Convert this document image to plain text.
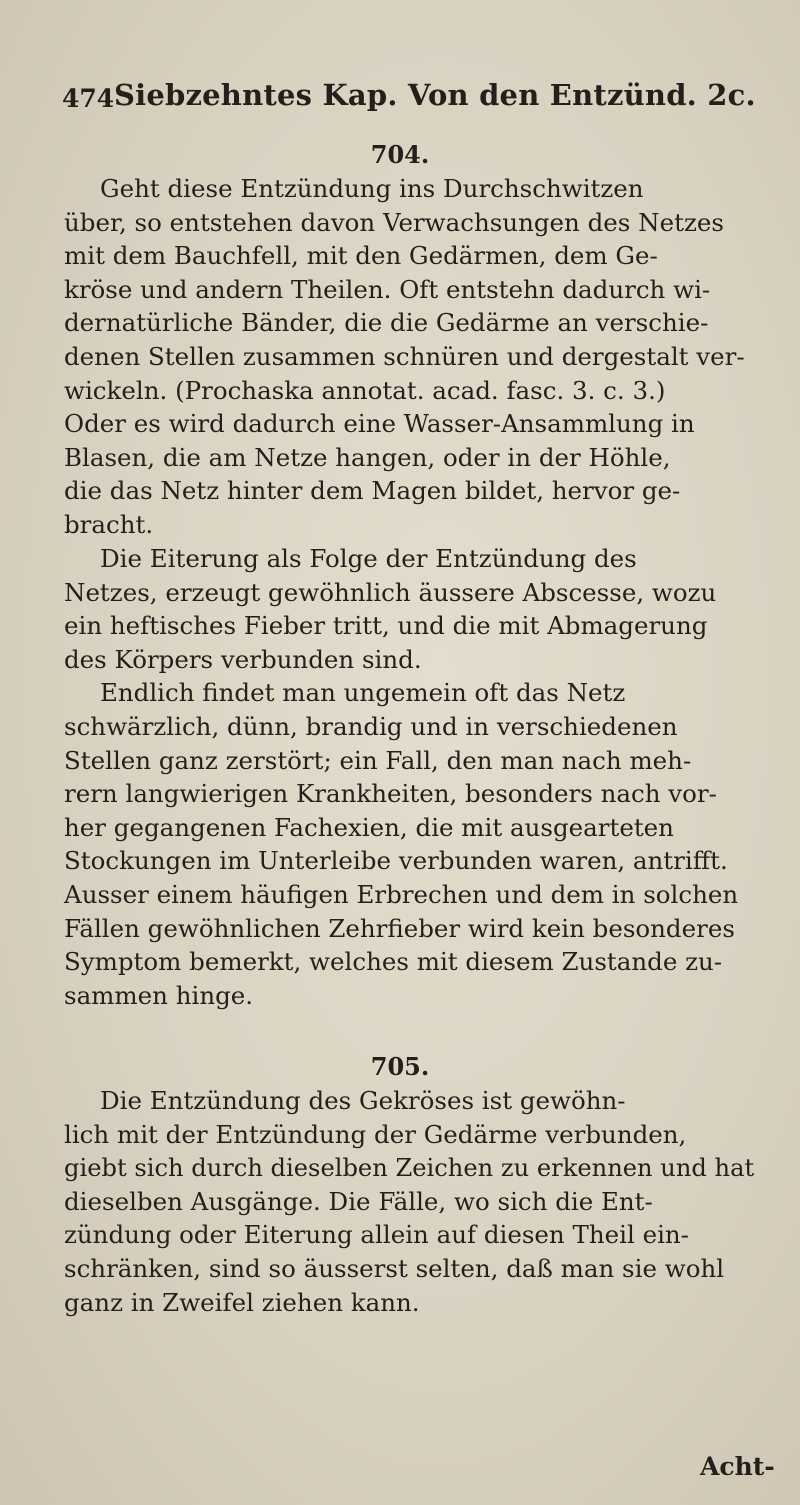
474 Siebzehntes Kap. Von den Entzünd. 2c.
704.
Geht diese Entzündung ins Durchschwitzen
über, so entstehen davon Verwachsungen des Netzes
mit dem Bauchfell, mit den Gedärmen, dem Ge-
kröse und andern Theilen. Oft entstehn dadurch wi-
dernatürliche Bänder, die die Gedärme an verschie-
denen Stellen zusammen schnüren und dergestalt ver-
wickeln. (Prochaska annotat. acad. fasc. 3. c. 3.)
Oder es wird dadurch eine Wasser-Ansammlung in
Blasen, die am Netze hangen, oder in der Höhle,
die das Netz hinter dem Magen bildet, hervor ge-
bracht.
Die Eiterung als Folge der Entzündung des
Netzes, erzeugt gewöhnlich äussere Abscesse, wozu
ein heftisches Fieber tritt, und die mit Abmagerung
des Körpers verbunden sind.
Endlich findet man ungemein oft das Netz
schwärzlich, dünn, brandig und in verschiedenen
Stellen ganz zerstört; ein Fall, den man nach meh-
rern langwierigen Krankheiten, besonders nach vor-
her gegangenen Fachexien, die mit ausgearteten
Stockungen im Unterleibe verbunden waren, antrifft.
Ausser einem häufigen Erbrechen und dem in solchen
Fällen gewöhnlichen Zehrfieber wird kein besonderes
Symptom bemerkt, welches mit diesem Zustande zu-
sammen hinge.
705.
Die Entzündung des Gekröses ist gewöhn-
lich mit der Entzündung der Gedärme verbunden,
giebt sich durch dieselben Zeichen zu erkennen und hat
dieselben Ausgänge. Die Fälle, wo sich die Ent-
zündung oder Eiterung allein auf diesen Theil ein-
schränken, sind so äusserst selten, daß man sie wohl
ganz in Zweifel ziehen kann.
Acht-
